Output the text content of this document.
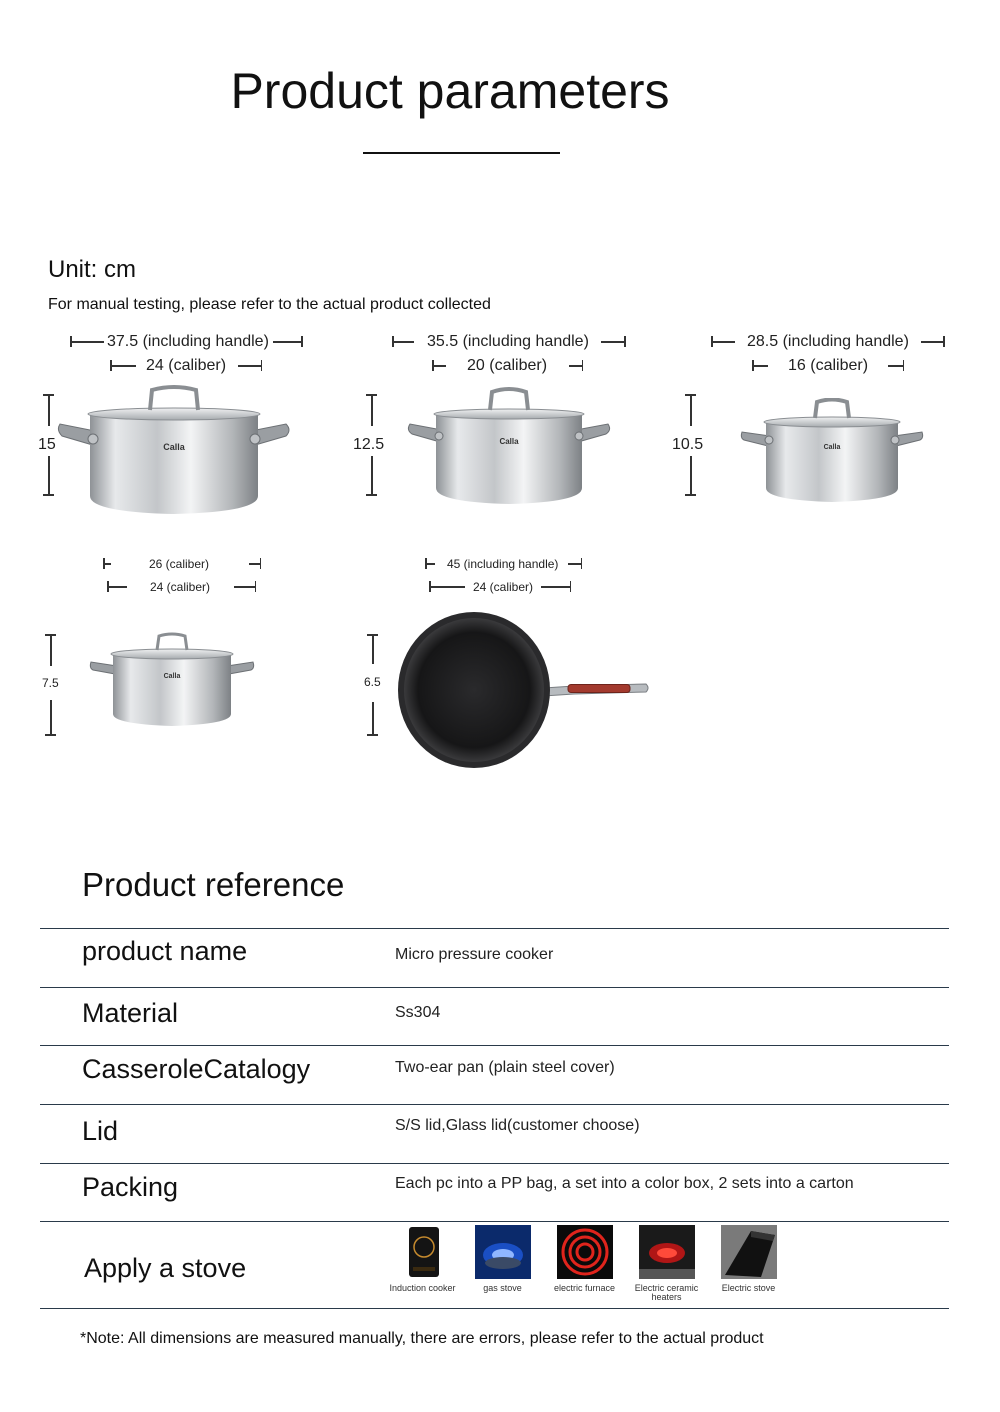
Product parameters
Unit: cm
For manual testing, please refer to the actual product collected
37.5 (including handle)
24 (caliber)
15	Calla
35.5 (including handle)
20 (caliber)
12.5	Calla
28.5 (including handle)
16 (caliber)
10.5	Calla
26 (caliber)
24 (caliber)
7.5	Calla
45 (including handle)
24 (caliber)
6.5
Product reference
product name	Micro pressure cooker
Material	Ss304
CasseroleCatalogy	Two-ear pan (plain steel cover)
Lid	S/S lid,Glass lid(customer choose)
Packing	Each pc into a PP bag, a set into a color box, 2 sets into a carton
Apply a stove
Induction cooker	gas stove	electric furnace	Electric ceramic heaters
Electric stove
*Note: All dimensions are measured manually, there are errors, please refer to the actual product
